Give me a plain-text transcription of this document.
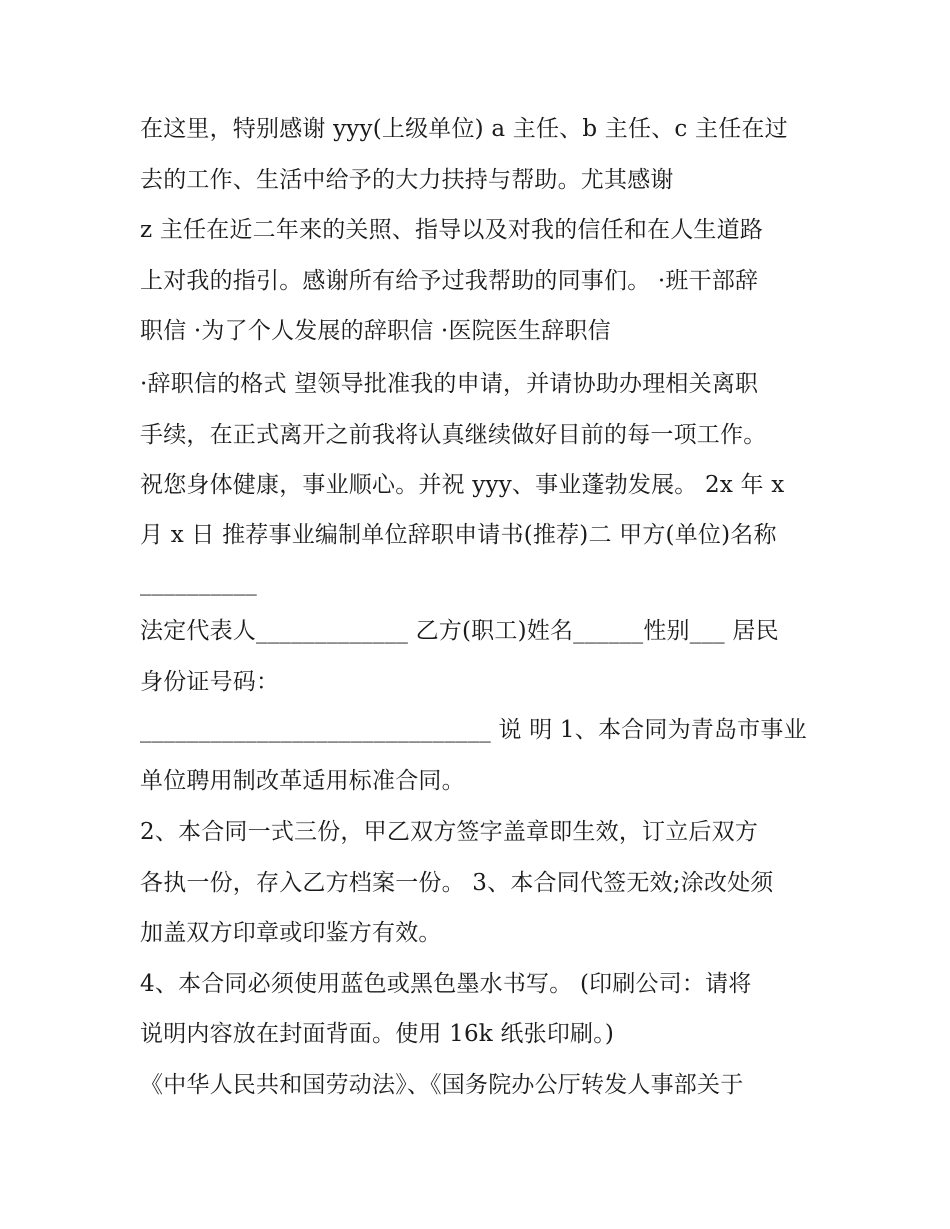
在这里，特别感谢 yyy(上级单位) a 主任、b 主任、c 主任在过
去的工作、生活中给予的大力扶持与帮助。尤其感谢
z 主任在近二年来的关照、指导以及对我的信任和在人生道路
上对我的指引。感谢所有给予过我帮助的同事们。 ·班干部辞
职信 ·为了个人发展的辞职信 ·医院医生辞职信
·辞职信的格式 望领导批准我的申请，并请协助办理相关离职
手续，在正式离开之前我将认真继续做好目前的每一项工作。
祝您身体健康，事业顺心。并祝 yyy、事业蓬勃发展。 2x 年 x
月 x 日 推荐事业编制单位辞职申请书(推荐)二 甲方(单位)名称
__________
法定代表人_____________ 乙方(职工)姓名______性别___ 居民
身份证号码：
______________________________ 说 明 1、本合同为青岛市事业
单位聘用制改革适用标准合同。
2、本合同一式三份，甲乙双方签字盖章即生效，订立后双方
各执一份，存入乙方档案一份。 3、本合同代签无效;涂改处须
加盖双方印章或印鉴方有效。
4、本合同必须使用蓝色或黑色墨水书写。 (印刷公司：请将
说明内容放在封面背面。使用 16k 纸张印刷。)
《中华人民共和国劳动法》、《国务院办公厅转发人事部关于
